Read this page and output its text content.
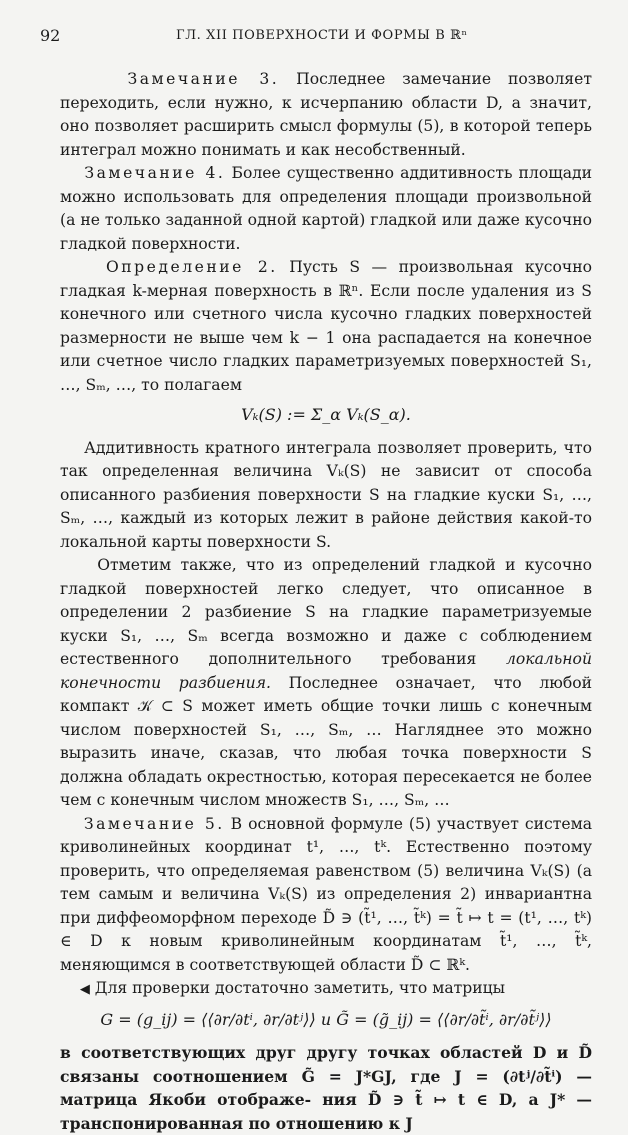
92	ГЛ. XII ПОВЕРХНОСТИ И ФОРМЫ В ℝⁿ

Замечание 3. Последнее замечание позволяет переходить, если нужно, к исчерпанию области D, а значит, оно позволяет расширить смысл формулы (5), в которой теперь интеграл можно понимать и как несобственный.

Замечание 4. Более существенно аддитивность площади можно использовать для определения площади произвольной (а не только заданной одной картой) гладкой или даже кусочно гладкой поверхности.

Определение 2. Пусть S — произвольная кусочно гладкая k-мерная поверхность в ℝⁿ. Если после удаления из S конечного или счетного числа кусочно гладких поверхностей размерности не выше чем k − 1 она распадается на конечное или счетное число гладких параметризуемых поверхностей S₁, …, Sₘ, …, то полагаем

Vₖ(S) := Σ_α Vₖ(S_α).

Аддитивность кратного интеграла позволяет проверить, что так определенная величина Vₖ(S) не зависит от способа описанного разбиения поверхности S на гладкие куски S₁, …, Sₘ, …, каждый из которых лежит в районе действия какой-то локальной карты поверхности S.

Отметим также, что из определений гладкой и кусочно гладкой поверхностей легко следует, что описанное в определении 2 разбиение S на гладкие параметризуемые куски S₁, …, Sₘ всегда возможно и даже с соблюдением естественного дополнительного требования локальной конечности разбиения. Последнее означает, что любой компакт 𝒦 ⊂ S может иметь общие точки лишь с конечным числом поверхностей S₁, …, Sₘ, … Нагляднее это можно выразить иначе, сказав, что любая точка поверхности S должна обладать окрестностью, которая пересекается не более чем с конечным числом множеств S₁, …, Sₘ, …

Замечание 5. В основной формуле (5) участвует система криволинейных координат t¹, …, tᵏ. Естественно поэтому проверить, что определяемая равенством (5) величина Vₖ(S) (а тем самым и величина Vₖ(S) из определения 2) инвариантна при диффеоморфном переходе D̃ ∋ (t̃¹, …, t̃ᵏ) = t̃ ↦ t = (t¹, …, tᵏ) ∈ D к новым криволинейным координатам t̃¹, …, t̃ᵏ, меняющимся в соответствующей области D̃ ⊂ ℝᵏ.

◀ Для проверки достаточно заметить, что матрицы

G = (g_ij) = ⟨⟨∂r/∂tⁱ, ∂r/∂tʲ⟩⟩ и G̃ = (g̃_ij) = ⟨⟨∂r/∂t̃ⁱ, ∂r/∂t̃ʲ⟩⟩

в соответствующих друг другу точках областей D и D̃ связаны соотношением G̃ = J*GJ, где J = (∂tʲ/∂t̃ⁱ) — матрица Якоби отображе- ния D̃ ∋ t̃ ↦ t ∈ D, а J* — транспонированная по отношению к J
